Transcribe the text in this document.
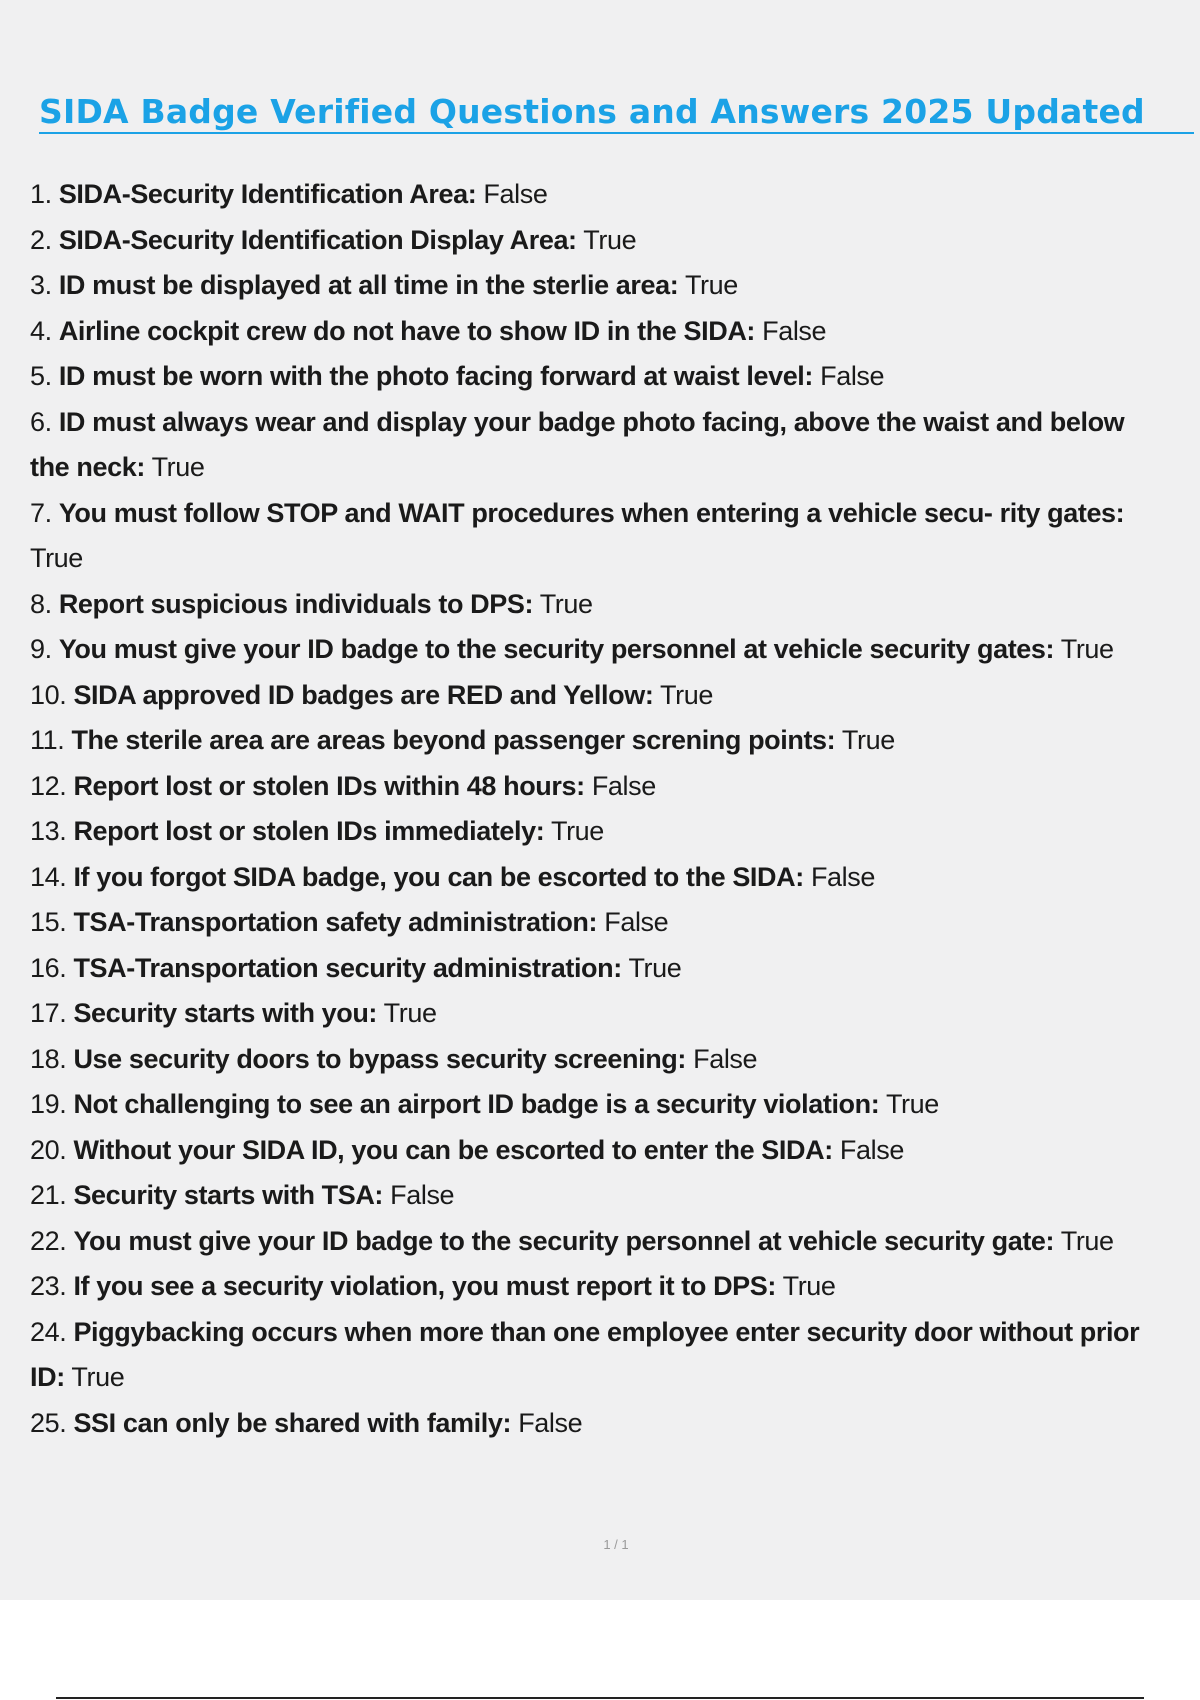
SIDA Badge Verified Questions and Answers 2025 Updated
1. SIDA-Security Identification Area: False
2. SIDA-Security Identification Display Area: True
3. ID must be displayed at all time in the sterlie area: True
4. Airline cockpit crew do not have to show ID in the SIDA: False
5. ID must be worn with the photo facing forward at waist level: False
6. ID must always wear and display your badge photo facing, above the waist and below the neck: True
7. You must follow STOP and WAIT procedures when entering a vehicle secu- rity gates: True
8. Report suspicious individuals to DPS: True
9. You must give your ID badge to the security personnel at vehicle security gates: True
10. SIDA approved ID badges are RED and Yellow: True
11. The sterile area are areas beyond passenger screning points: True
12. Report lost or stolen IDs within 48 hours: False
13. Report lost or stolen IDs immediately: True
14. If you forgot SIDA badge, you can be escorted to the SIDA: False
15. TSA-Transportation safety administration: False
16. TSA-Transportation security administration: True
17. Security starts with you: True
18. Use security doors to bypass security screening: False
19. Not challenging to see an airport ID badge is a security violation: True
20. Without your SIDA ID, you can be escorted to enter the SIDA: False
21. Security starts with TSA: False
22. You must give your ID badge to the security personnel at vehicle security gate: True
23. If you see a security violation, you must report it to DPS: True
24. Piggybacking occurs when more than one employee enter security door without prior ID: True
25. SSI can only be shared with family: False
1 / 1
